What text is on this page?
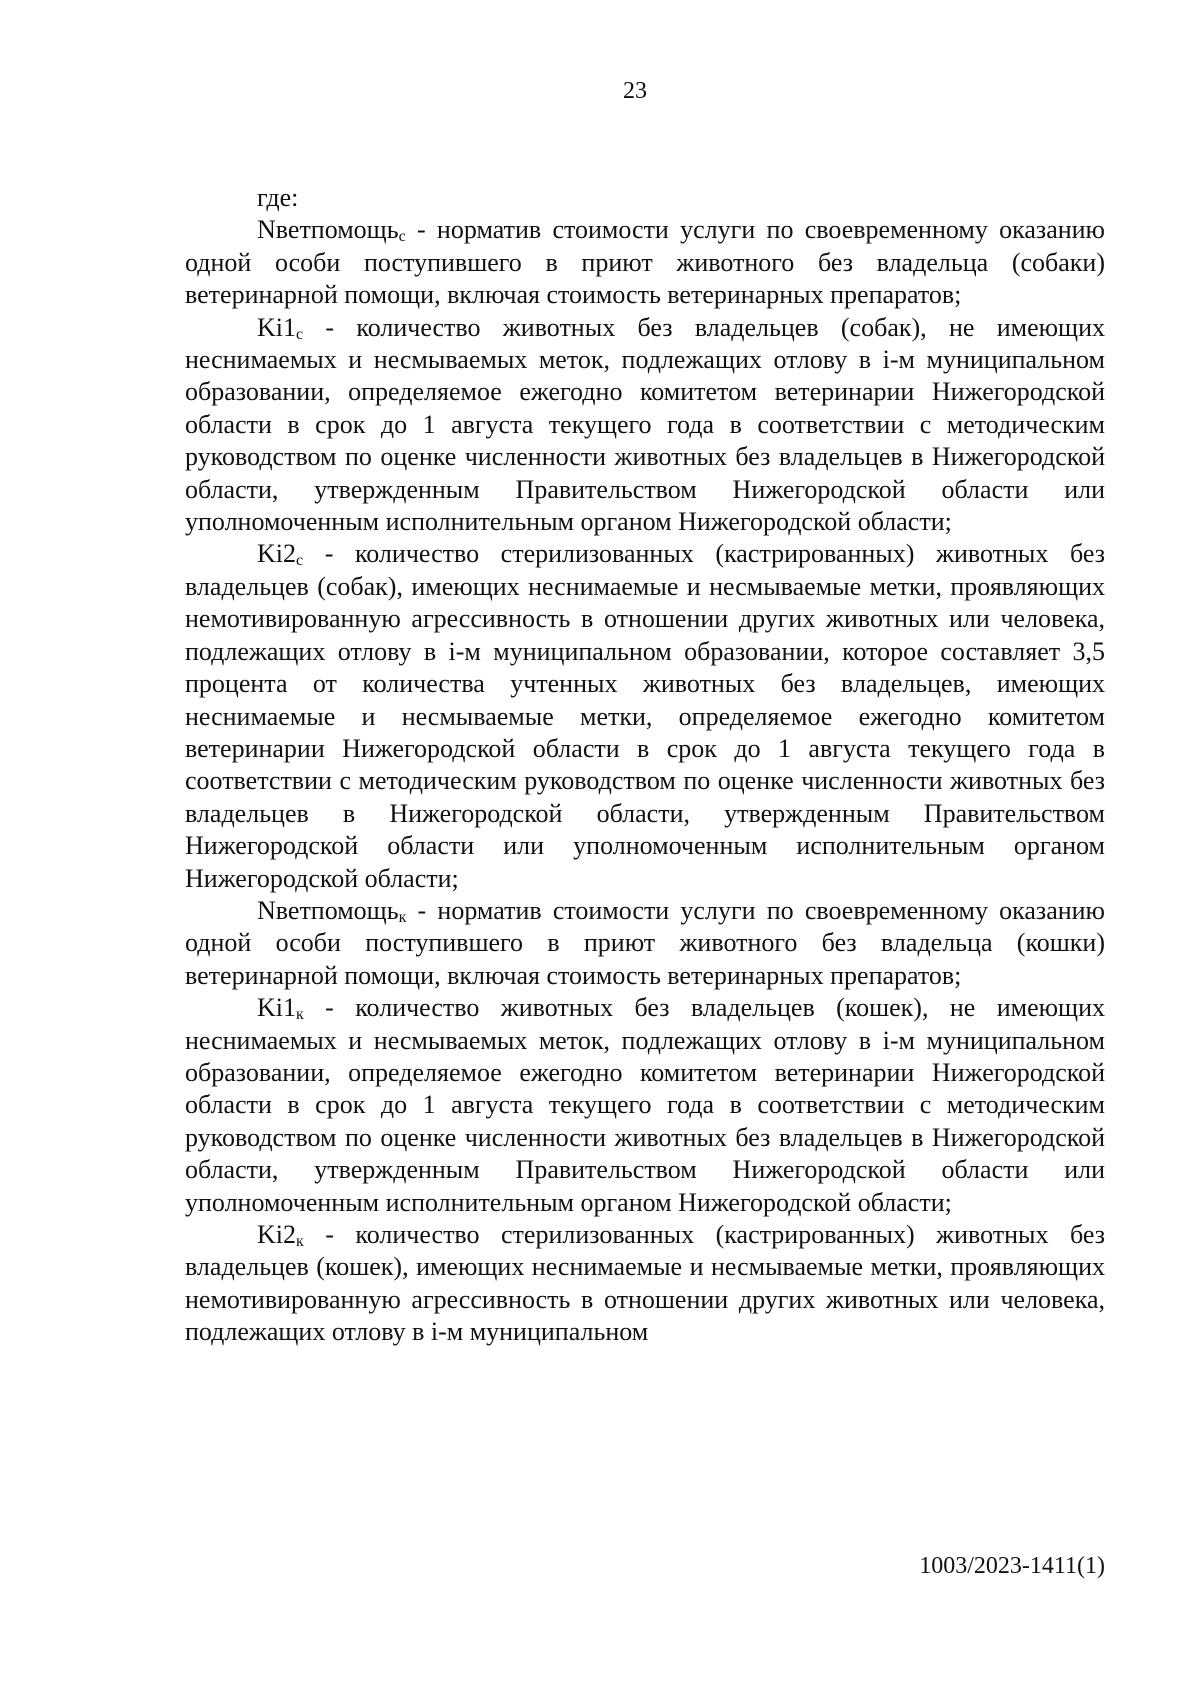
23

где:

Nветпомощьс - норматив стоимости услуги по своевременному оказанию одной особи поступившего в приют животного без владельца (собаки) ветеринарной помощи, включая стоимость ветеринарных препаратов;

Ki1с - количество животных без владельцев (собак), не имеющих неснимаемых и несмываемых меток, подлежащих отлову в i-м муниципальном образовании, определяемое ежегодно комитетом ветеринарии Нижегородской области в срок до 1 августа текущего года в соответствии с методическим руководством по оценке численности животных без владельцев в Нижегородской области, утвержденным Правительством Нижегородской области или уполномоченным исполнительным органом Нижегородской области;

Ki2с - количество стерилизованных (кастрированных) животных без владельцев (собак), имеющих неснимаемые и несмываемые метки, проявляющих немотивированную агрессивность в отношении других животных или человека, подлежащих отлову в i-м муниципальном образовании, которое составляет 3,5 процента от количества учтенных животных без владельцев, имеющих неснимаемые и несмываемые метки, определяемое ежегодно комитетом ветеринарии Нижегородской области в срок до 1 августа текущего года в соответствии с методическим руководством по оценке численности животных без владельцев в Нижегородской области, утвержденным Правительством Нижегородской области или уполномоченным исполнительным органом Нижегородской области;

Nветпомощьк - норматив стоимости услуги по своевременному оказанию одной особи поступившего в приют животного без владельца (кошки) ветеринарной помощи, включая стоимость ветеринарных препаратов;

Ki1к - количество животных без владельцев (кошек), не имеющих неснимаемых и несмываемых меток, подлежащих отлову в i-м муниципальном образовании, определяемое ежегодно комитетом ветеринарии Нижегородской области в срок до 1 августа текущего года в соответствии с методическим руководством по оценке численности животных без владельцев в Нижегородской области, утвержденным Правительством Нижегородской области или уполномоченным исполнительным органом Нижегородской области;

Ki2к - количество стерилизованных (кастрированных) животных без владельцев (кошек), имеющих неснимаемые и несмываемые метки, проявляющих немотивированную агрессивность в отношении других животных или человека, подлежащих отлову в i-м муниципальном

1003/2023-1411(1)
